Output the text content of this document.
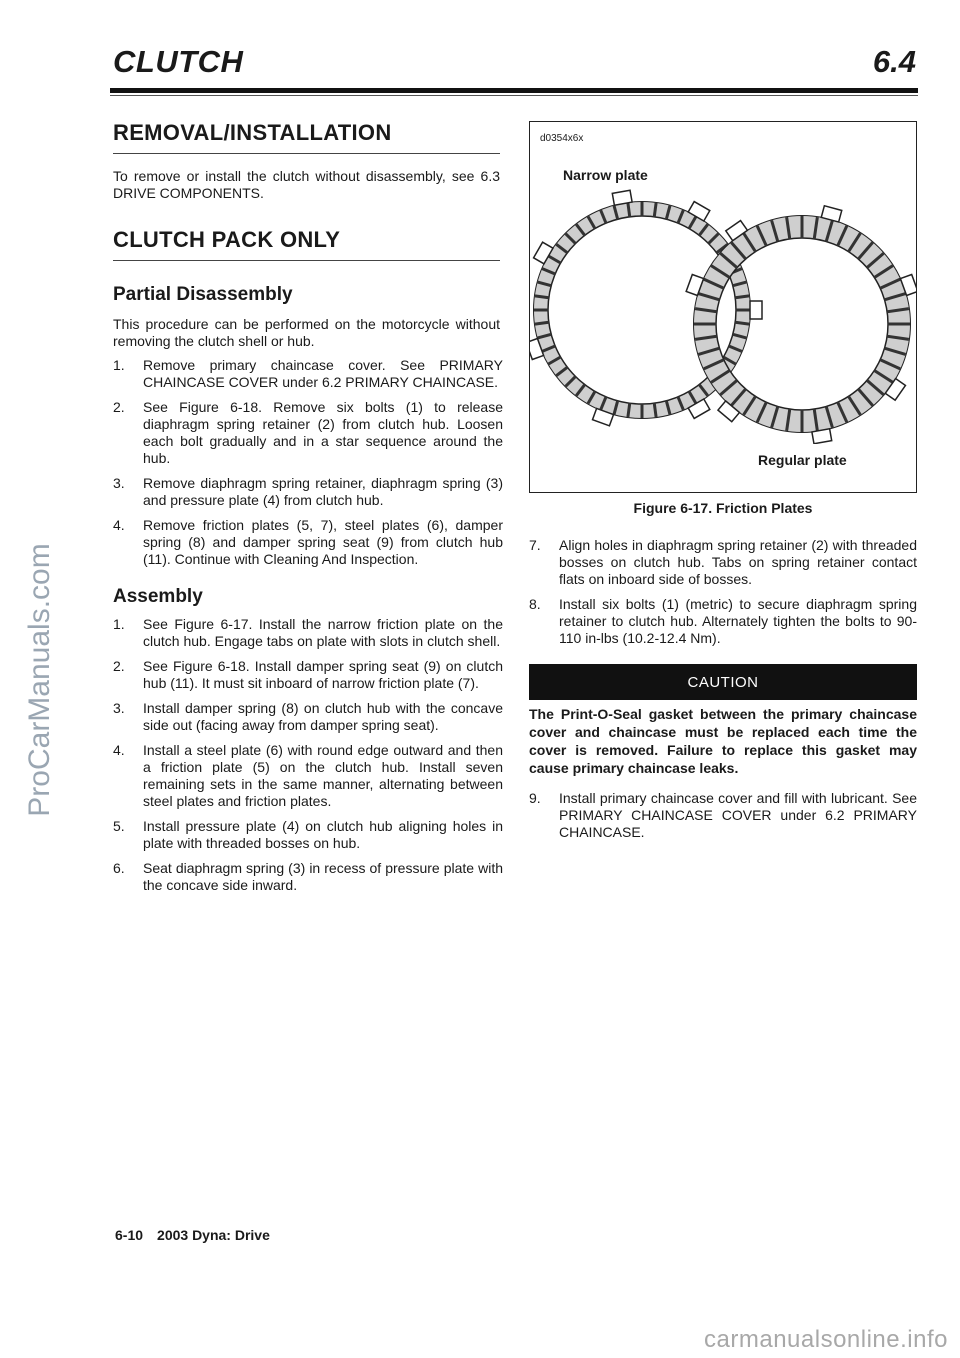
CLUTCH	6.4
REMOVAL/INSTALLATION

To remove or install the clutch without disassembly, see 6.3 DRIVE COMPONENTS.

CLUTCH PACK ONLY
Partial Disassembly

This procedure can be performed on the motorcycle without removing the clutch shell or hub.

1. Remove primary chaincase cover. See PRIMARY CHAINCASE COVER under 6.2 PRIMARY CHAINCASE.
2. See Figure 6-18. Remove six bolts (1) to release diaphragm spring retainer (2) from clutch hub. Loosen each bolt gradually and in a star sequence around the hub.
3. Remove diaphragm spring retainer, diaphragm spring (3) and pressure plate (4) from clutch hub.
4. Remove friction plates (5, 7), steel plates (6), damper spring (8) and damper spring seat (9) from clutch hub (11). Continue with Cleaning And Inspection.
Assembly
1. See Figure 6-17. Install the narrow friction plate on the clutch hub. Engage tabs on plate with slots in clutch shell.
2. See Figure 6-18. Install damper spring seat (9) on clutch hub (11). It must sit inboard of narrow friction plate (7).
3. Install damper spring (8) on clutch hub with the concave side out (facing away from damper spring seat).
4. Install a steel plate (6) with round edge outward and then a friction plate (5) on the clutch hub. Install seven remaining sets in the same manner, alternating between steel plates and friction plates.
5. Install pressure plate (4) on clutch hub aligning holes in plate with threaded bosses on hub.
6. Seat diaphragm spring (3) in recess of pressure plate with the concave side inward.
d0354x6x
Narrow plate
Regular plate
Figure 6-17. Friction Plates
7. Align holes in diaphragm spring retainer (2) with threaded bosses on clutch hub. Tabs on spring retainer contact flats on inboard side of bosses.
8. Install six bolts (1) (metric) to secure diaphragm spring retainer to clutch hub. Alternately tighten the bolts to 90-110 in-lbs (10.2-12.4 Nm).
CAUTION

The Print-O-Seal gasket between the primary chaincase cover and chaincase must be replaced each time the cover is removed. Failure to replace this gasket may cause primary chaincase leaks.

9. Install primary chaincase cover and fill with lubricant. See PRIMARY CHAINCASE COVER under 6.2 PRIMARY CHAINCASE.
6-10 2003 Dyna: Drive
ProCarManuals.com
carmanualsonline.info
